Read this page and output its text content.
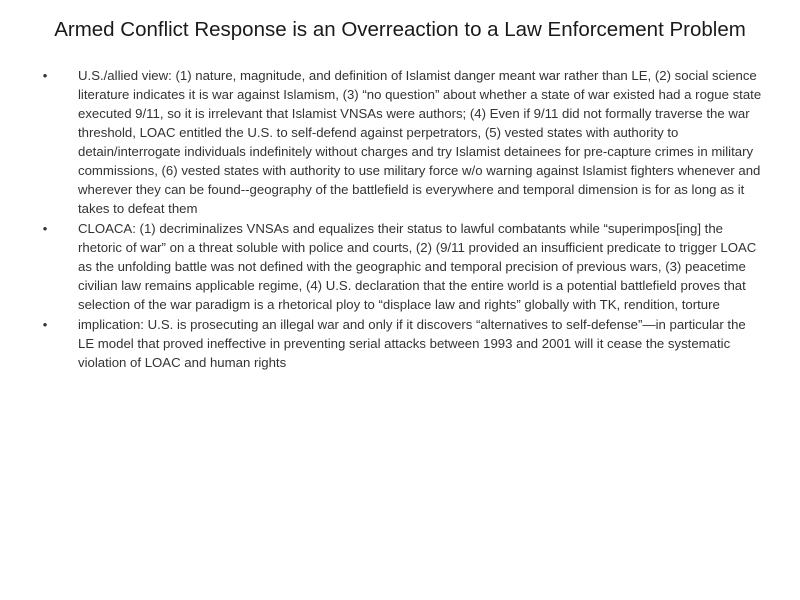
Armed Conflict Response is an Overreaction to a Law Enforcement Problem
•	U.S./allied view: (1) nature, magnitude, and definition of Islamist danger meant war rather than LE, (2) social science literature indicates it is war against Islamism, (3) “no question” about whether a state of war existed had a rogue state executed 9/11, so it is irrelevant that Islamist VNSAs were authors; (4) Even if 9/11 did not formally traverse the war threshold, LOAC entitled the U.S. to self-defend against perpetrators, (5) vested states with authority to detain/interrogate individuals indefinitely without charges and try Islamist detainees for pre-capture crimes in military commissions, (6) vested states with authority to use military force w/o warning against Islamist fighters whenever and wherever they can be found--geography of the battlefield is everywhere and temporal dimension is for as long as it takes to defeat them
•	CLOACA: (1) decriminalizes VNSAs and equalizes their status to lawful combatants while “superimpos[ing] the rhetoric of war” on a threat soluble with police and courts, (2) (9/11 provided an insufficient predicate to trigger LOAC as the unfolding battle was not defined with the geographic and temporal precision of previous wars, (3) peacetime civilian law remains applicable regime, (4) U.S. declaration that the entire world is a potential battlefield proves that selection of the war paradigm is a rhetorical ploy to “displace law and rights” globally with TK, rendition, torture
•	implication: U.S. is prosecuting an illegal war and only if it discovers “alternatives to self-defense”—in particular the LE model that proved ineffective in preventing serial attacks between 1993 and 2001 will it cease the systematic violation of LOAC and human rights
